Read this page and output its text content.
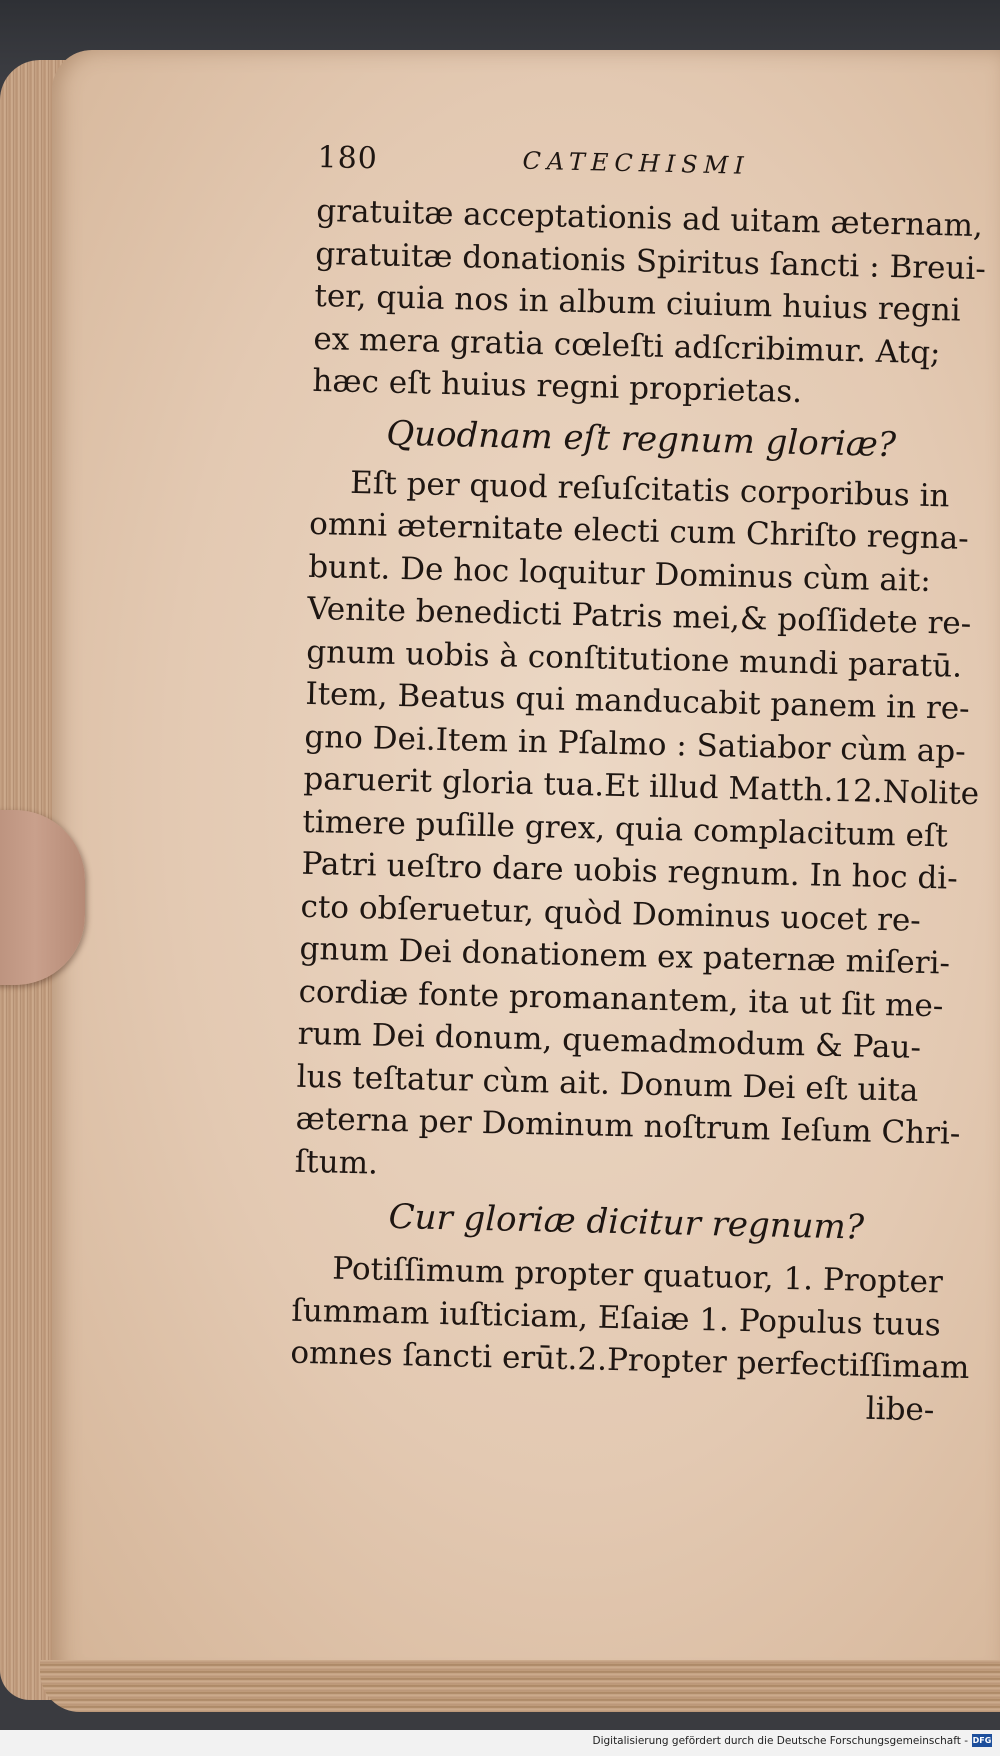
180	CATECHISMI
gratuitæ acceptationis ad uitam æternam,
gratuitæ donationis Spiritus ſancti : Breui-
ter, quia nos in album ciuium huius regni
ex mera gratia cœleſti adſcribimur. Atq;
hæc eſt huius regni proprietas.
Quodnam eſt regnum gloriæ?
Eſt per quod reſuſcitatis corporibus in
omni æternitate electi cum Chriſto regna-
bunt. De hoc loquitur Dominus cùm ait:
Venite benedicti Patris mei,& poſſidete re-
gnum uobis à conſtitutione mundi paratū.
Item, Beatus qui manducabit panem in re-
gno Dei.Item in Pſalmo : Satiabor cùm ap-
paruerit gloria tua.Et illud Matth.12.Nolite
timere puſille grex, quia complacitum eſt
Patri ueſtro dare uobis regnum. In hoc di-
cto obſeruetur, quòd Dominus uocet re-
gnum Dei donationem ex paternæ miſeri-
cordiæ fonte promanantem, ita ut ſit me-
rum Dei donum, quemadmodum & Pau-
lus teſtatur cùm ait. Donum Dei eſt uita
æterna per Dominum noſtrum Ieſum Chri-
ſtum.
Cur gloriæ dicitur regnum?
Potiſſimum propter quatuor, 1. Propter
ſummam iuſticiam, Eſaiæ 1. Populus tuus
omnes ſancti erūt.2.Propter perfectiſſimam
libe-
Digitalisierung gefördert durch die Deutsche Forschungsgemeinschaft - DFG
